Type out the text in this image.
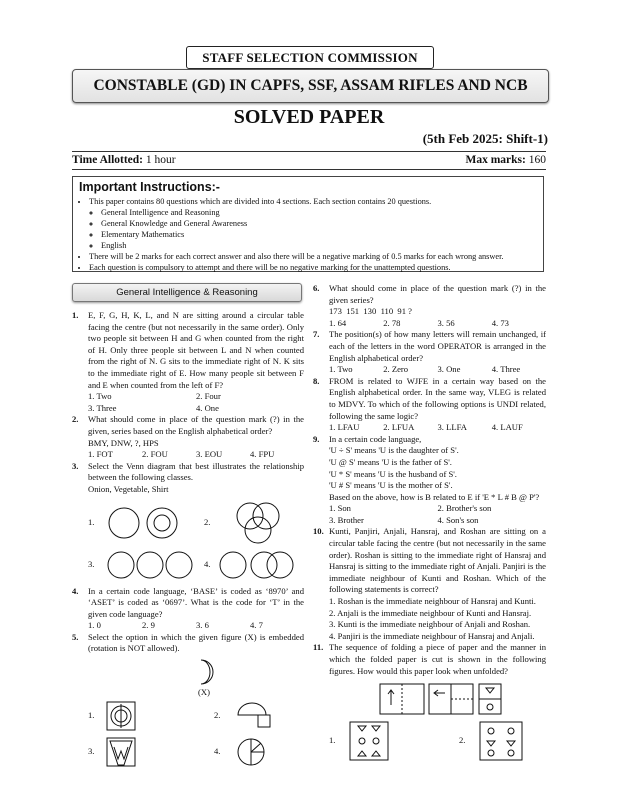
STAFF SELECTION COMMISSION
CONSTABLE (GD) IN CAPFS, SSF, ASSAM RIFLES AND NCB
SOLVED PAPER
(5th Feb 2025: Shift-1)
Time Allotted: 1 hour	Max marks: 160
Important Instructions:-
• This paper contains 80 questions which are divided into 4 sections. Each section contains 20 questions.
◦ General Intelligence and Reasoning
◦ General Knowledge and General Awareness
◦ Elementary Mathematics
◦ English
• There will be 2 marks for each correct answer and also there will be a negative marking of 0.5 marks for each wrong answer.
• Each question is compulsory to attempt and there will be no negative marking for the unattempted questions.
General Intelligence & Reasoning
1. E, F, G, H, K, L, and N are sitting around a circular table facing the centre (but not necessarily in the same order). Only two people sit between H and G when counted from the right of H. Only three people sit between L and N when counted from the right of N. G sits to the immediate right of N. K sits to the immediate right of E. How many people sit between F and E when counted from the left of F?
1. Two	2. Four
3. Three	4. One
2. What should come in place of the question mark (?) in the given, series based on the English alphabetical order?
BMY, DNW, ?, HPS
1. FOT	2. FOU	3. EOU	4. FPU
3. Select the Venn diagram that best illustrates the relationship between the following classes.
Onion, Vegetable, Shirt
1.	2.
3.	4.
4. In a certain code language, ‘BASE’ is coded as ‘8970’ and ‘ASET’ is coded as ‘0697’. What is the code for ‘T’ in the given code language?
1. 0	2. 9	3. 6	4. 7
5. Select the option in which the given figure (X) is embedded (rotation is NOT allowed).
(X)
1.	2.
3.	4.
6. What should come in place of the question mark (?) in the given series?
173  151  130  110  91 ?
1. 64	2. 78	3. 56	4. 73
7. The position(s) of how many letters will remain unchanged, if each of the letters in the word OPERATOR is arranged in the English alphabetical order?
1. Two	2. Zero	3. One	4. Three
8. FROM is related to WJFE in a certain way based on the English alphabetical order. In the same way, VLEG is related to MDVY. To which of the following options is UNDI related, following the same logic?
1. LFAU	2. LFUA	3. LLFA	4. LAUF
9. In a certain code language,
'U ÷ S' means 'U is the daughter of S'.
'U @ S' means 'U is the father of S'.
'U * S' means 'U is the husband of S'.
'U # S' means 'U is the mother of S'.
Based on the above, how is B related to E if 'E * L # B @ P'?
1. Son	2. Brother's son
3. Brother	4. Son's son
10. Kunti, Panjiri, Anjali, Hansraj, and Roshan are sitting on a circular table facing the centre (but not necessarily in the same order). Roshan is sitting to the immediate right of Hansraj and Hansraj is sitting to the immediate right of Anjali. Panjiri is the immediate neighbour of Kunti and Roshan. Which of the following statements is correct?
1. Roshan is the immediate neighbour of Hansraj and Kunti.
2. Anjali is the immediate neighbour of Kunti and Hansraj.
3. Kunti is the immediate neighbour of Anjali and Roshan.
4. Panjiri is the immediate neighbour of Hansraj and Anjali.
11. The sequence of folding a piece of paper and the manner in which the folded paper is cut is shown in the following figures. How would this paper look when unfolded?
1.	2.
